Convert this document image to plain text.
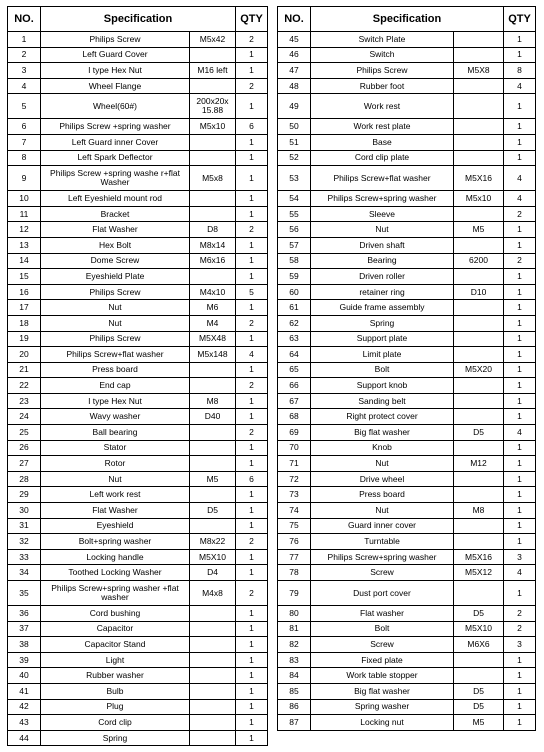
NO.	Specification		QTY
1	Philips Screw	M5x42	2
2	Left Guard Cover		1
3	I type Hex Nut	M16 left	1
4	Wheel Flange		2
5	Wheel(60#)	200x20x 15.88	1
6	Philips Screw +spring washer	M5x10	6
7	Left Guard inner Cover		1
8	Left Spark Deflector		1
9	Philips Screw +spring washe r+flat Washer	M5x8	1
10	Left Eyeshield mount rod		1
11	Bracket		1
12	Flat Washer	D8	2
13	Hex Bolt	M8x14	1
14	Dome Screw	M6x16	1
15	Eyeshield Plate		1
16	Philips Screw	M4x10	5
17	Nut	M6	1
18	Nut	M4	2
19	Philips Screw	M5X48	1
20	Philips Screw+flat washer	M5x148	4
21	Press board		1
22	End cap		2
23	I type Hex Nut	M8	1
24	Wavy washer	D40	1
25	Ball bearing		2
26	Stator		1
27	Rotor		1
28	Nut	M5	6
29	Left work rest		1
30	Flat Washer	D5	1
31	Eyeshield		1
32	Bolt+spring washer	M8x22	2
33	Locking handle	M5X10	1
34	Toothed Locking Washer	D4	1
35	Philips Screw+spring washer +flat washer	M4x8	2
36	Cord bushing		1
37	Capacitor		1
38	Capacitor Stand		1
39	Light		1
40	Rubber washer		1
41	Bulb		1
42	Plug		1
43	Cord clip		1
44	Spring		1
NO.	Specification		QTY
45	Switch Plate		1
46	Switch		1
47	Philips Screw	M5X8	8
48	Rubber foot		4
49	Work rest		1
50	Work rest plate		1
51	Base		1
52	Cord clip plate		1
53	Philips Screw+flat washer	M5X16	4
54	Philips Screw+spring washer	M5x10	4
55	Sleeve		2
56	Nut	M5	1
57	Driven shaft		1
58	Bearing	6200	2
59	Driven roller		1
60	retainer ring	D10	1
61	Guide frame assembly		1
62	Spring		1
63	Support plate		1
64	Limit plate		1
65	Bolt	M5X20	1
66	Support knob		1
67	Sanding belt		1
68	Right protect cover		1
69	Big flat washer	D5	4
70	Knob		1
71	Nut	M12	1
72	Drive wheel		1
73	Press board		1
74	Nut	M8	1
75	Guard inner cover		1
76	Turntable		1
77	Philips Screw+spring washer	M5X16	3
78	Screw	M5X12	4
79	Dust port cover		1
80	Flat washer	D5	2
81	Bolt	M5X10	2
82	Screw	M6X6	3
83	Fixed plate		1
84	Work table stopper		1
85	Big flat washer	D5	1
86	Spring washer	D5	1
87	Locking nut	M5	1
